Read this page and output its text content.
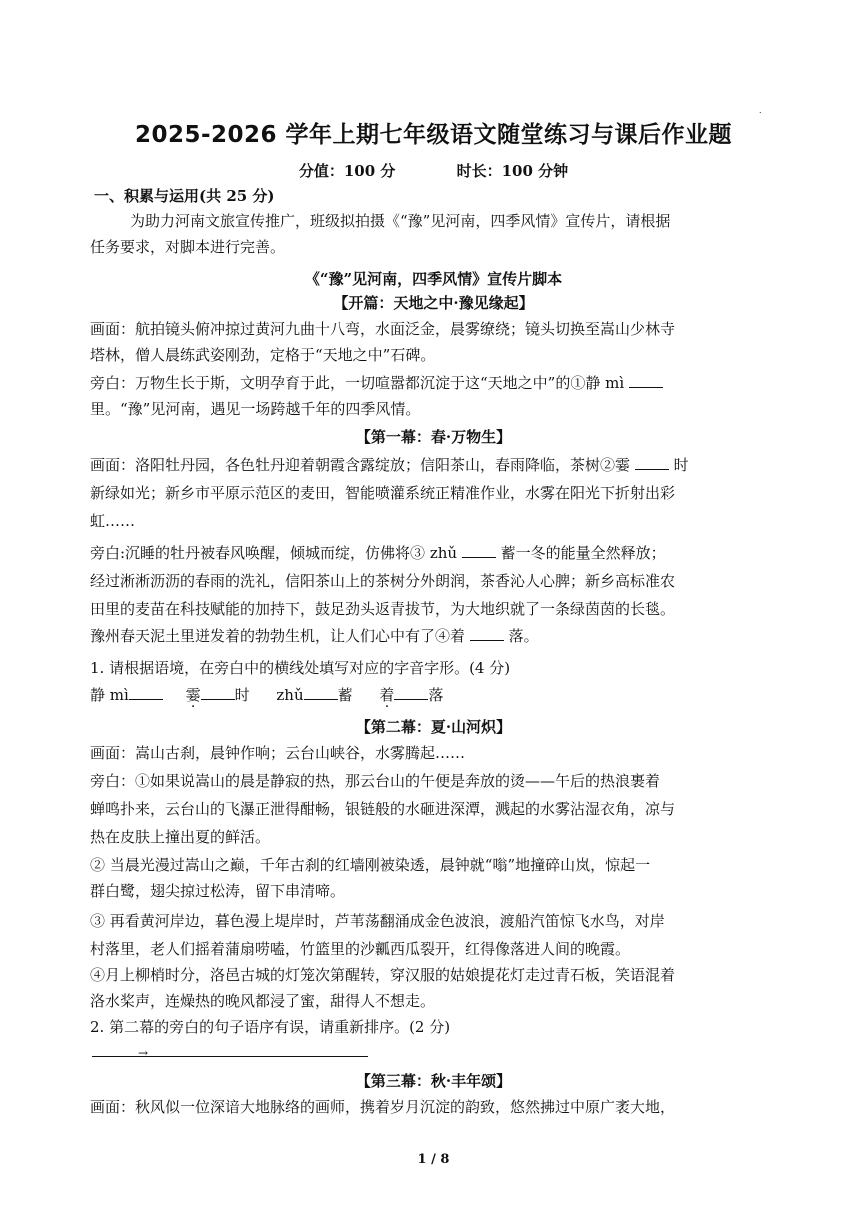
˙
2025-2026 学年上期七年级语文随堂练习与课后作业题
分值：100 分	时长：100 分钟
一、积累与运用(共 25 分)
为助力河南文旅宣传推广，班级拟拍摄《“豫”见河南，四季风情》宣传片，请根据
任务要求，对脚本进行完善。
《“豫”见河南，四季风情》宣传片脚本
【开篇：天地之中·豫见缘起】
画面：航拍镜头俯冲掠过黄河九曲十八弯，水面泛金，晨雾缭绕；镜头切换至嵩山少林寺
塔林，僧人晨练武姿刚劲，定格于“天地之中”石碑。
旁白：万物生长于斯，文明孕育于此，一切喧嚣都沉淀于这“天地之中”的①静 mì
里。“豫”见河南，遇见一场跨越千年的四季风情。
【第一幕：春·万物生】
画面：洛阳牡丹园，各色牡丹迎着朝霞含露绽放；信阳茶山，春雨降临，茶树②霎	时
新绿如光；新乡市平原示范区的麦田，智能喷灌系统正精准作业，水雾在阳光下折射出彩
虹……
旁白:沉睡的牡丹被春风唤醒，倾城而绽，仿佛将③ zhǔ	蓄一冬的能量全然释放；
经过淅淅沥沥的春雨的洗礼，信阳茶山上的茶树分外朗润，茶香沁人心脾；新乡高标准农
田里的麦苗在科技赋能的加持下，鼓足劲头返青拔节，为大地织就了一条绿茵茵的长毯。
豫州春天泥土里迸发着的勃勃生机，让人们心中有了④着	落。
1. 请根据语境，在旁白中的横线处填写对应的字音字形。(4 分)
静 mì	霎 时 zhǔ 蓄 着 落
【第二幕：夏·山河炽】
画面：嵩山古刹，晨钟作响；云台山峡谷，水雾腾起……
旁白：①如果说嵩山的晨是静寂的热，那云台山的午便是奔放的烫——午后的热浪裹着
蝉鸣扑来，云台山的飞瀑正泄得酣畅，银链般的水砸进深潭，溅起的水雾沾湿衣角，凉与
热在皮肤上撞出夏的鲜活。
② 当晨光漫过嵩山之巅，千年古刹的红墙刚被染透，晨钟就“嗡”地撞碎山岚，惊起一
群白鹭，翅尖掠过松涛，留下串清啼。
③ 再看黄河岸边，暮色漫上堤岸时，芦苇荡翻涌成金色波浪，渡船汽笛惊飞水鸟，对岸
村落里，老人们摇着蒲扇唠嗑，竹篮里的沙瓤西瓜裂开，红得像落进人间的晚霞。
④月上柳梢时分，洛邑古城的灯笼次第醒转，穿汉服的姑娘提花灯走过青石板，笑语混着
洛水桨声，连燥热的晚风都浸了蜜，甜得人不想走。
2. 第二幕的旁白的句子语序有误，请重新排序。(2 分)
→
【第三幕：秋·丰年颂】
画面：秋风似一位深谙大地脉络的画师，携着岁月沉淀的韵致，悠然拂过中原广袤大地，
1 / 8
